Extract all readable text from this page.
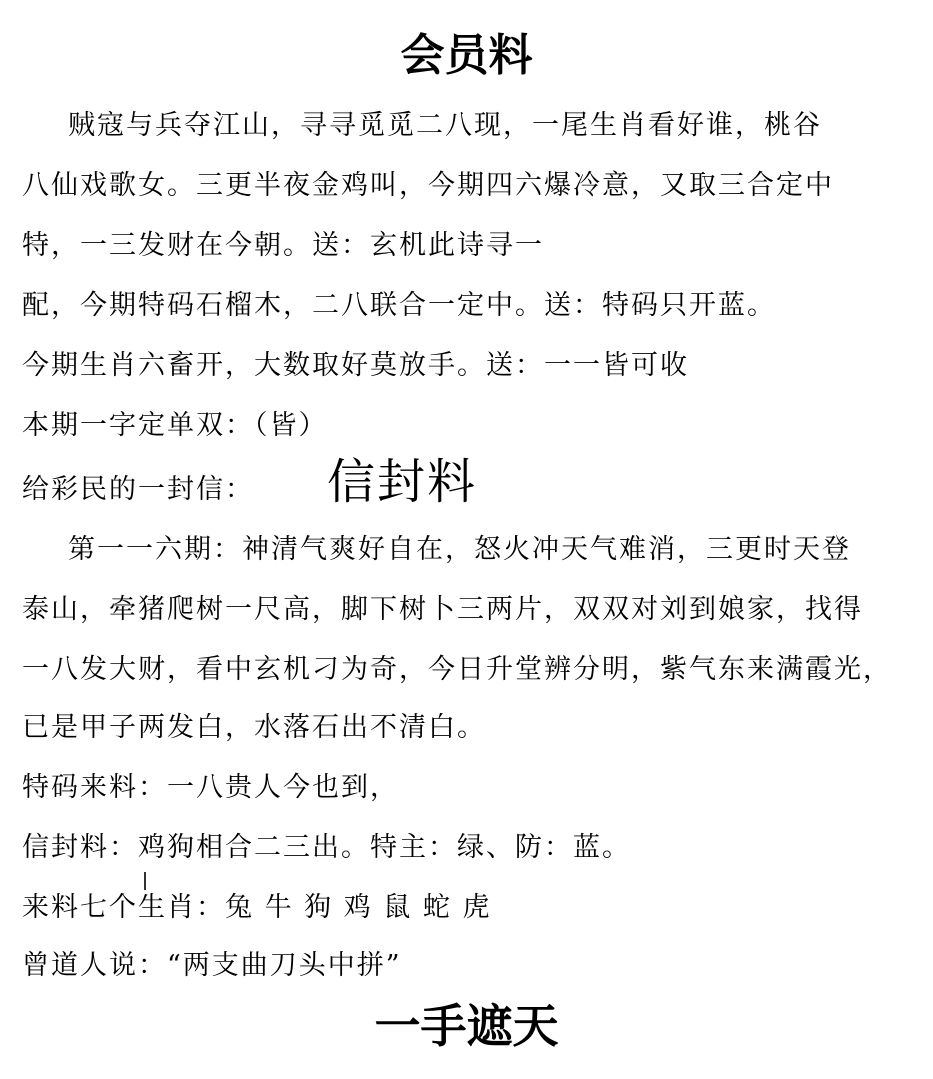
会员料
贼寇与兵夺江山，寻寻觅觅二八现，一尾生肖看好谁，桃谷
八仙戏歌女。三更半夜金鸡叫，今期四六爆冷意，又取三合定中
特，一三发财在今朝。送：玄机此诗寻一
配，今期特码石榴木，二八联合一定中。送：特码只开蓝。
今期生肖六畜开，大数取好莫放手。送：一一皆可收
本期一字定单双：（皆）
给彩民的一封信： 信封料
第一一六期：神清气爽好自在，怒火冲天气难消，三更时天登
泰山，牵猪爬树一尺高，脚下树卜三两片，双双对刘到娘家，找得
一八发大财，看中玄机刁为奇，今日升堂辨分明，紫气东来满霞光，
已是甲子两发白，水落石出不清白。
特码来料：一八贵人今也到，
信封料：鸡狗相合二三出。特主：绿、防：蓝。
来料七个生肖：兔 牛 狗 鸡 鼠 蛇 虎
曾道人说：“两支曲刀头中拼”
一手遮天
